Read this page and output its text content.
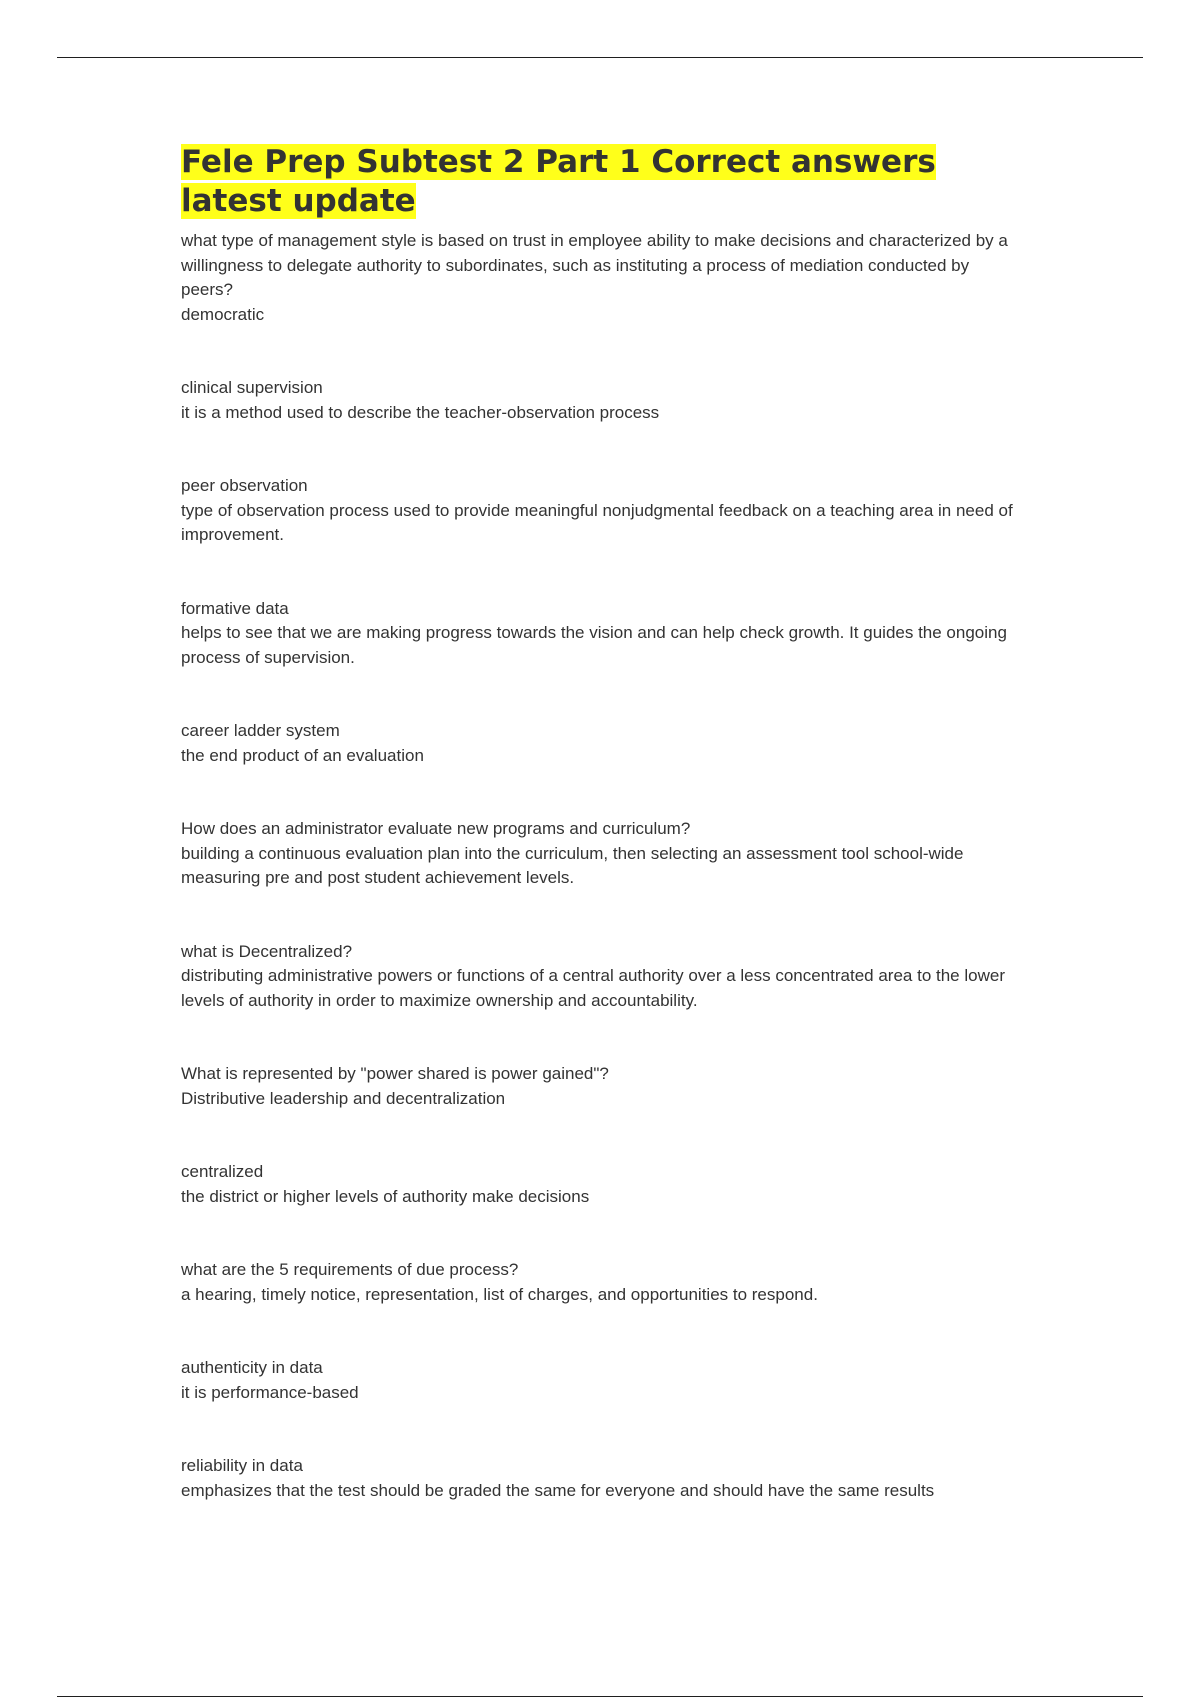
Fele Prep Subtest 2 Part 1 Correct answers latest update
what type of management style is based on trust in employee ability to make decisions and characterized by a willingness to delegate authority to subordinates, such as instituting a process of mediation conducted by peers?
democratic
clinical supervision
it is a method used to describe the teacher-observation process
peer observation
type of observation process used to provide meaningful nonjudgmental feedback on a teaching area in need of improvement.
formative data
helps to see that we are making progress towards the vision and can help check growth. It guides the ongoing process of supervision.
career ladder system
the end product of an evaluation
How does an administrator evaluate new programs and curriculum?
building a continuous evaluation plan into the curriculum, then selecting an assessment tool school-wide measuring pre and post student achievement levels.
what is Decentralized?
distributing administrative powers or functions of a central authority over a less concentrated area to the lower levels of authority in order to maximize ownership and accountability.
What is represented by "power shared is power gained"?
Distributive leadership and decentralization
centralized
the district or higher levels of authority make decisions
what are the 5 requirements of due process?
a hearing, timely notice, representation, list of charges, and opportunities to respond.
authenticity in data
it is performance-based
reliability in data
emphasizes that the test should be graded the same for everyone and should have the same results
